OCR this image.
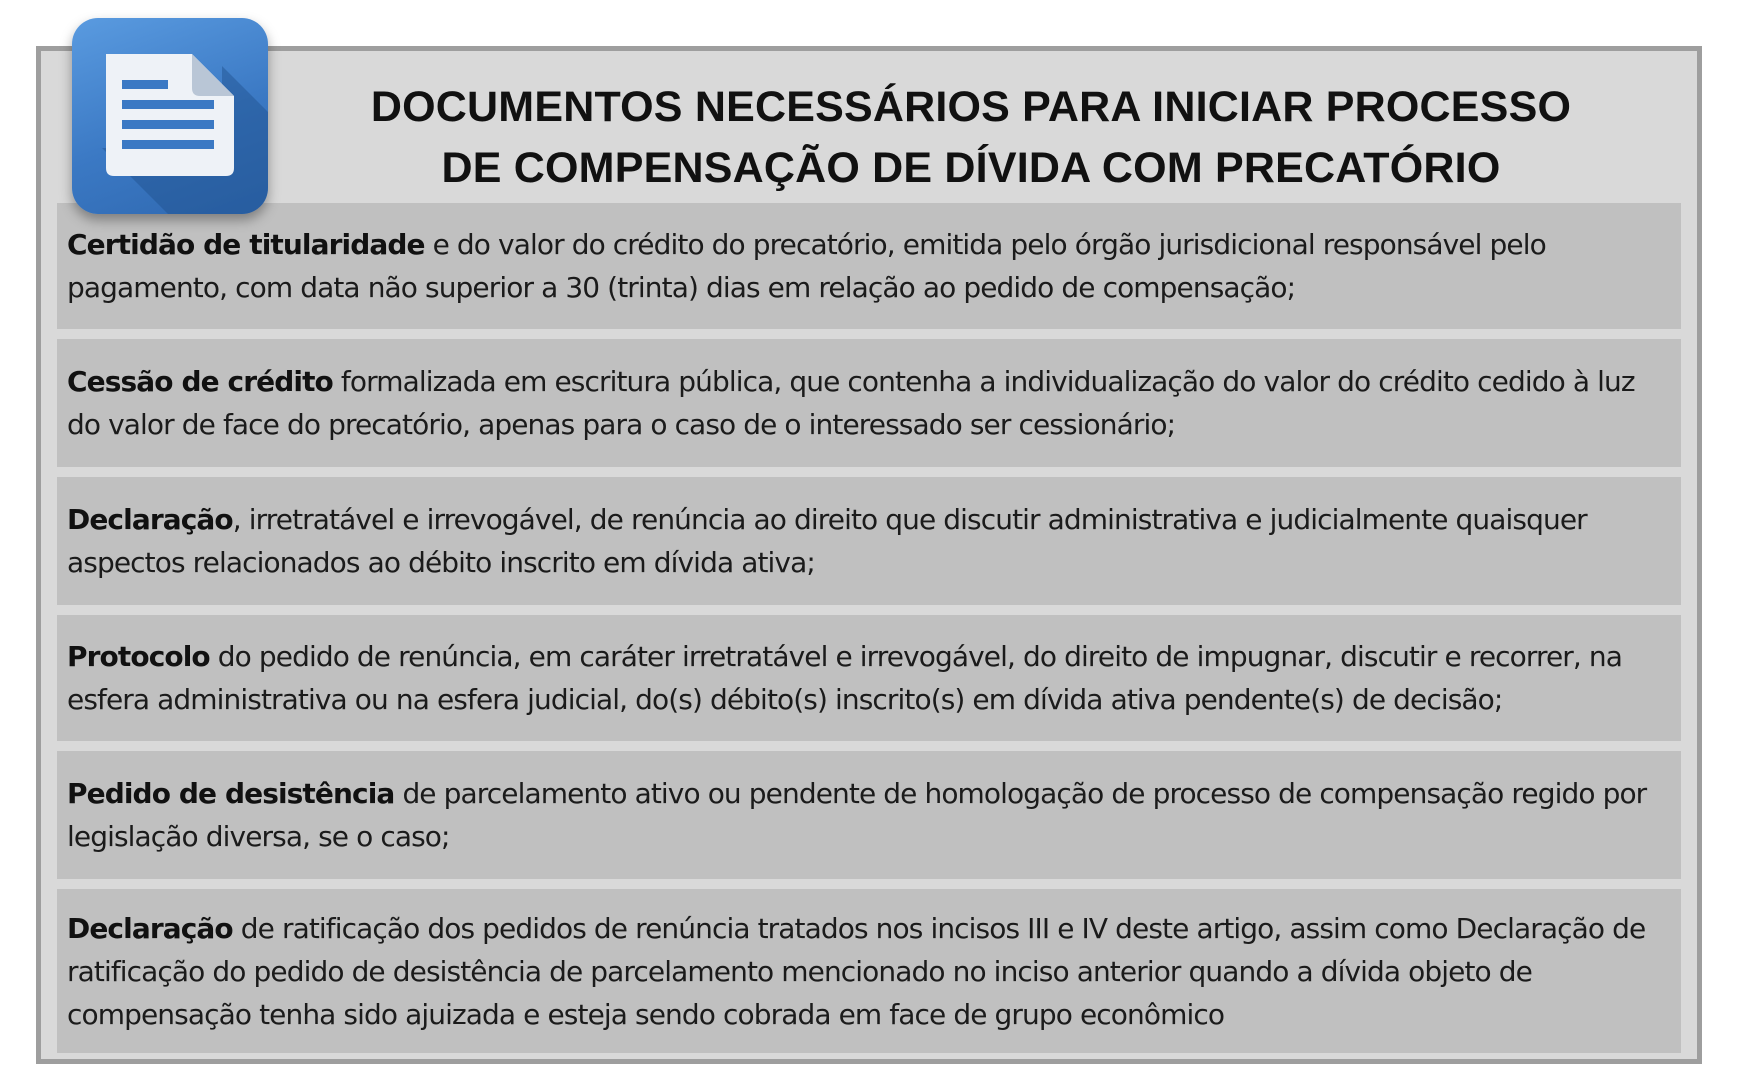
DOCUMENTOS NECESSÁRIOS PARA INICIAR PROCESSO
DE COMPENSAÇÃO DE DÍVIDA COM PRECATÓRIO

Certidão de titularidade e do valor do crédito do precatório, emitida pelo órgão jurisdicional responsável pelo pagamento, com data não superior a 30 (trinta) dias em relação ao pedido de compensação;

Cessão de crédito formalizada em escritura pública, que contenha a individualização do valor do crédito cedido à luz do valor de face do precatório, apenas para o caso de o interessado ser cessionário;

Declaração, irretratável e irrevogável, de renúncia ao direito que discutir administrativa e judicialmente quaisquer aspectos relacionados ao débito inscrito em dívida ativa;

Protocolo do pedido de renúncia, em caráter irretratável e irrevogável, do direito de impugnar, discutir e recorrer, na esfera administrativa ou na esfera judicial, do(s) débito(s) inscrito(s) em dívida ativa pendente(s) de decisão;

Pedido de desistência de parcelamento ativo ou pendente de homologação de processo de compensação regido por legislação diversa, se o caso;

Declaração de ratificação dos pedidos de renúncia tratados nos incisos III e IV deste artigo, assim como Declaração de ratificação do pedido de desistência de parcelamento mencionado no inciso anterior quando a dívida objeto de compensação tenha sido ajuizada e esteja sendo cobrada em face de grupo econômico
